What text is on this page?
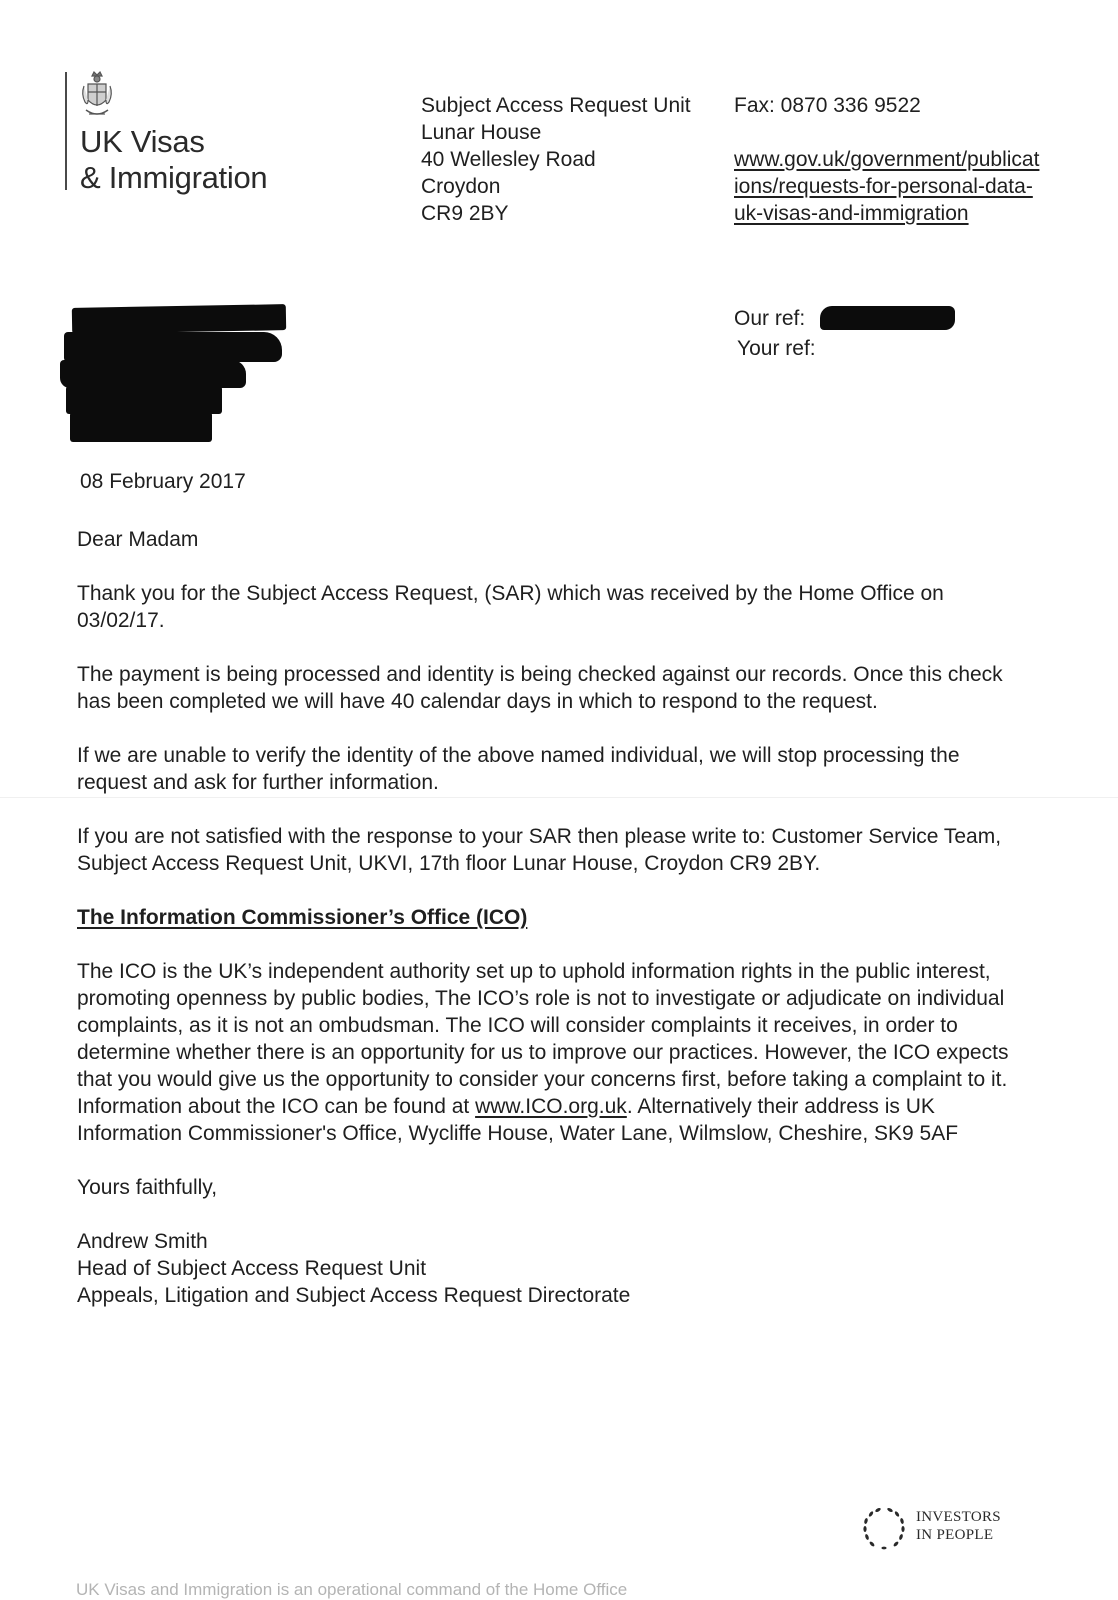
UK Visas
& Immigration
Subject Access Request Unit
Lunar House
40 Wellesley Road
Croydon
CR9 2BY
Fax: 0870 336 9522
www.gov.uk/government/publicat
ions/requests-for-personal-data-
uk-visas-and-immigration
Our ref:
Your ref:
08 February 2017

Dear Madam

Thank you for the Subject Access Request, (SAR) which was received by the Home Office on 03/02/17.

The payment is being processed and identity is being checked against our records. Once this check has been completed we will have 40 calendar days in which to respond to the request.

If we are unable to verify the identity of the above named individual, we will stop processing the request and ask for further information.

If you are not satisfied with the response to your SAR then please write to: Customer Service Team, Subject Access Request Unit, UKVI, 17th floor Lunar House, Croydon CR9 2BY.

The Information Commissioner’s Office (ICO)

The ICO is the UK’s independent authority set up to uphold information rights in the public interest, promoting openness by public bodies, The ICO’s role is not to investigate or adjudicate on individual complaints, as it is not an ombudsman. The ICO will consider complaints it receives, in order to determine whether there is an opportunity for us to improve our practices. However, the ICO expects that you would give us the opportunity to consider your concerns first, before taking a complaint to it. Information about the ICO can be found at www.ICO.org.uk. Alternatively their address is UK Information Commissioner's Office, Wycliffe House, Water Lane, Wilmslow, Cheshire, SK9 5AF

Yours faithfully,

Andrew Smith
Head of Subject Access Request Unit
Appeals, Litigation and Subject Access Request Directorate
INVESTORS
IN PEOPLE
UK Visas and Immigration is an operational command of the Home Office
